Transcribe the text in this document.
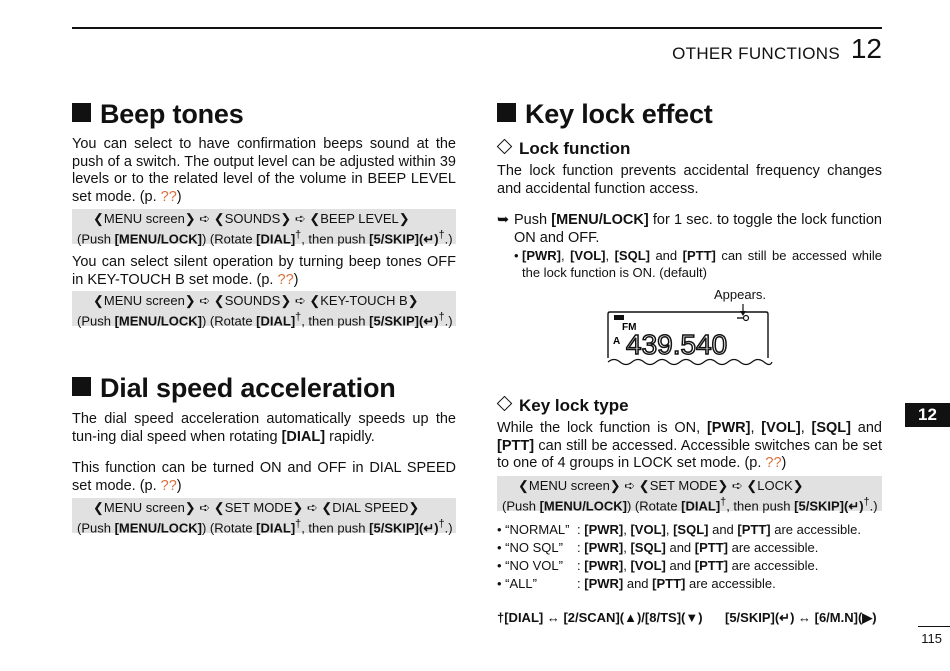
OTHER FUNCTIONS 12
Beep tones

You can select to have confirmation beeps sound at the push of a switch. The output level can be adjusted within 39 levels or to the related level of the volume in BEEP LEVEL set mode. (p. ??)

❮MENU screen❯ ➪ ❮SOUNDS❯ ➪ ❮BEEP LEVEL❯
(Push [MENU/LOCK]) (Rotate [DIAL]†, then push [5/SKIP](↵)†.)

You can select silent operation by turning beep tones OFF in KEY-TOUCH B set mode. (p. ??)

❮MENU screen❯ ➪ ❮SOUNDS❯ ➪ ❮KEY-TOUCH B❯
(Push [MENU/LOCK]) (Rotate [DIAL]†, then push [5/SKIP](↵)†.)
Dial speed acceleration

The dial speed acceleration automatically speeds up the tun-ing dial speed when rotating [DIAL] rapidly.

This function can be turned ON and OFF in DIAL SPEED set mode. (p. ??)

❮MENU screen❯ ➪ ❮SET MODE❯ ➪ ❮DIAL SPEED❯
(Push [MENU/LOCK]) (Rotate [DIAL]†, then push [5/SKIP](↵)†.)
Key lock effect
Lock function

The lock function prevents accidental frequency changes and accidental function access.

➥ Push [MENU/LOCK] for 1 sec. to toggle the lock function ON and OFF.
• [PWR], [VOL], [SQL] and [PTT] can still be accessed while the lock function is ON. (default)
Appears.
FM
A 439.540
Key lock type

While the lock function is ON, [PWR], [VOL], [SQL] and [PTT] can still be accessed. Accessible switches can be set to one of 4 groups in LOCK set mode. (p. ??)

❮MENU screen❯ ➪ ❮SET MODE❯ ➪ ❮LOCK❯
(Push [MENU/LOCK]) (Rotate [DIAL]†, then push [5/SKIP](↵)†.)
• “NORMAL” : [PWR], [VOL], [SQL] and [PTT] are accessible.
• “NO SQL” : [PWR], [SQL] and [PTT] are accessible.
• “NO VOL” : [PWR], [VOL] and [PTT] are accessible.
• “ALL”	: [PWR] and [PTT] are accessible.
†[DIAL] ↔ [2/SCAN](▲)/[8/TS](▼) [5/SKIP](↵) ↔ [6/M.N](▶)
12
115
